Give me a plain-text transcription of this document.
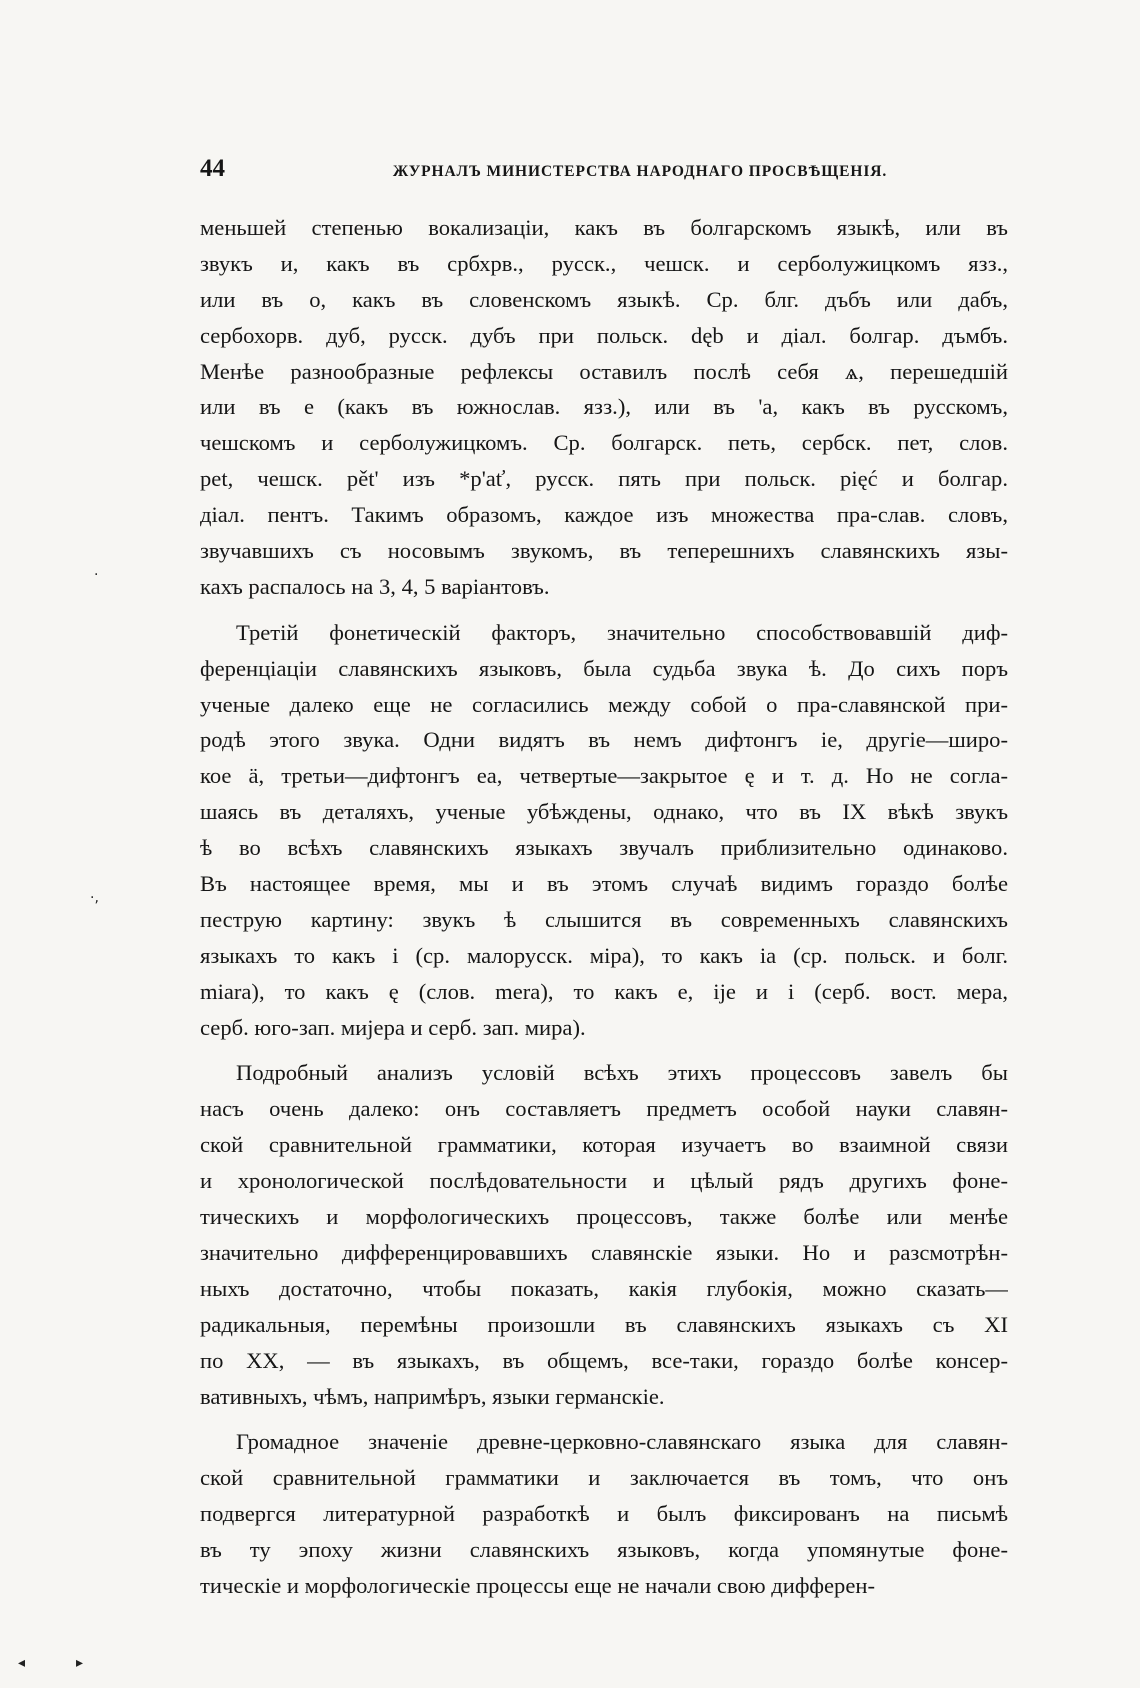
44	ЖУРНАЛЪ МИНИСТЕРСТВА НАРОДНАГО ПРОСВѢЩЕНІЯ.
меньшей степенью вокализаціи, какъ въ болгарскомъ языкѣ, или въ
звукъ и, какъ въ србхрв., русск., чешск. и серболужицкомъ язз.,
или въ о, какъ въ словенскомъ языкѣ. Ср. блг. дъбъ или дабъ,
сербохорв. дуб, русск. дубъ при польск. dęb и діал. болгар. дъмбъ.
Менѣе разнообразные рефлексы оставилъ послѣ себя ѧ, перешедшій
или въ е (какъ въ южнослав. язз.), или въ 'а, какъ въ русскомъ,
чешскомъ и серболужицкомъ. Ср. болгарск. петь, сербск. пет, слов.
pet, чешск. pět' изъ *p'ať, русск. пять при польск. pięć и болгар.
діал. пентъ. Такимъ образомъ, каждое изъ множества пра-слав. словъ,
звучавшихъ съ носовымъ звукомъ, въ теперешнихъ славянскихъ язы-
кахъ распалось на 3, 4, 5 варіантовъ.
Третій фонетическій факторъ, значительно способствовавшій диф-
ференціаціи славянскихъ языковъ, была судьба звука ѣ. До сихъ поръ
ученые далеко еще не согласились между собой о пра-славянской при-
родѣ этого звука. Одни видятъ въ немъ дифтонгъ ie, другіе—широ-
кое ä, третьи—дифтонгъ ea, четвертые—закрытое ę и т. д. Но не согла-
шаясь въ деталяхъ, ученые убѣждены, однако, что въ IX вѣкѣ звукъ
ѣ во всѣхъ славянскихъ языкахъ звучалъ приблизительно одинаково.
Въ настоящее время, мы и въ этомъ случаѣ видимъ гораздо болѣе
пеструю картину: звукъ ѣ слышится въ современныхъ славянскихъ
языкахъ то какъ і (ср. малорусск. міра), то какъ ia (ср. польск. и болг.
miara), то какъ ę (слов. mera), то какъ е, ije и i (серб. вост. мера,
серб. юго-зап. мијера и серб. зап. мира).
Подробный анализъ условій всѣхъ этихъ процессовъ завелъ бы
насъ очень далеко: онъ составляетъ предметъ особой науки славян-
ской сравнительной грамматики, которая изучаетъ во взаимной связи
и хронологической послѣдовательности и цѣлый рядъ другихъ фоне-
тическихъ и морфологическихъ процессовъ, также болѣе или менѣе
значительно дифференцировавшихъ славянскіе языки. Но и разсмотрѣн-
ныхъ достаточно, чтобы показать, какія глубокія, можно сказать—
радикальныя, перемѣны произошли въ славянскихъ языкахъ съ XI
по XX, — въ языкахъ, въ общемъ, все-таки, гораздо болѣе консер-
вативныхъ, чѣмъ, напримѣръ, языки германскіе.
Громадное значеніе древне-церковно-славянскаго языка для славян-
ской сравнительной грамматики и заключается въ томъ, что онъ
подвергся литературной разработкѣ и былъ фиксированъ на письмѣ
въ ту эпоху жизни славянскихъ языковъ, когда упомянутые фоне-
тическіе и морфологическіе процессы еще не начали свою дифферен-
·
·,
▸
◂
